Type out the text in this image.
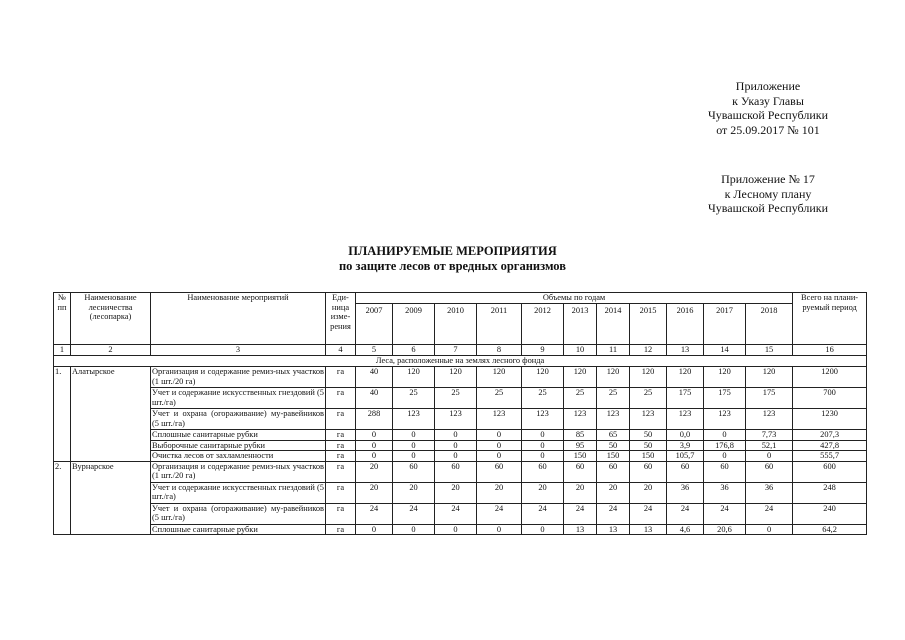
Приложение
к Указу Главы
Чувашской Республики
от 25.09.2017 № 101
Приложение № 17
к Лесному плану
Чувашской Республики
ПЛАНИРУЕМЫЕ МЕРОПРИЯТИЯ
по защите лесов от вредных организмов
№ пп	Наименование лесничества (лесопарка)	Наименование мероприятий	Еди-ница изме-рения	Объемы по годам											Всего на плани-руемый период
				2007	2009	2010	2011	2012	2013	2014	2015	2016	2017	2018	
1	2	3	4	5	6	7	8	9	10	11	12	13	14	15	16
Леса, расположенные на землях лесного фонда															
1.	Алатырское	Организация и содержание ремиз-ных участков (1 шт./20 га)	га	40	120	120	120	120	120	120	120	120	120	120	1200
		Учет и содержание искусственных гнездовий (5 шт./га)	га	40	25	25	25	25	25	25	25	175	175	175	700
		Учет и охрана (огораживание) му-равейников (5 шт./га)	га	288	123	123	123	123	123	123	123	123	123	123	1230
		Сплошные санитарные рубки	га	0	0	0	0	0	85	65	50	0,0	0	7,73	207,3
		Выборочные санитарные рубки	га	0	0	0	0	0	95	50	50	3,9	176,8	52,1	427,8
		Очистка лесов от захламленности	га	0	0	0	0	0	150	150	150	105,7	0	0	555,7
2.	Вурнарское	Организация и содержание ремиз-ных участков (1 шт./20 га)	га	20	60	60	60	60	60	60	60	60	60	60	600
		Учет и содержание искусственных гнездовий (5 шт./га)	га	20	20	20	20	20	20	20	20	36	36	36	248
		Учет и охрана (огораживание) му-равейников (5 шт./га)	га	24	24	24	24	24	24	24	24	24	24	24	240
		Сплошные санитарные рубки	га	0	0	0	0	0	13	13	13	4,6	20,6	0	64,2
